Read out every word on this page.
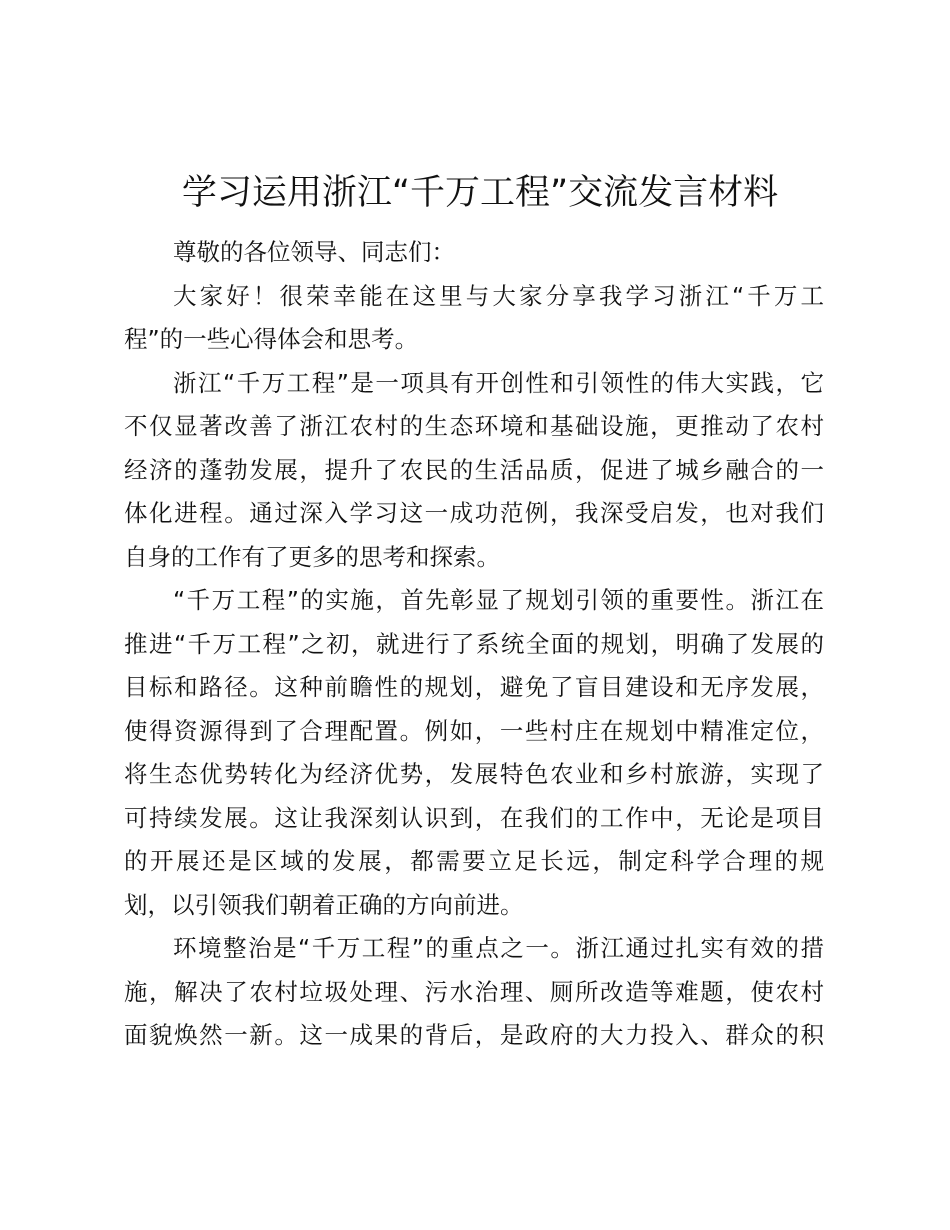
学习运用浙江“千万工程”交流发言材料
尊敬的各位领导、同志们：
大家好！很荣幸能在这里与大家分享我学习浙江“千万工
程”的一些心得体会和思考。
浙江“千万工程”是一项具有开创性和引领性的伟大实践，它
不仅显著改善了浙江农村的生态环境和基础设施，更推动了农村
经济的蓬勃发展，提升了农民的生活品质，促进了城乡融合的一
体化进程。通过深入学习这一成功范例，我深受启发，也对我们
自身的工作有了更多的思考和探索。
“千万工程”的实施，首先彰显了规划引领的重要性。浙江在
推进“千万工程”之初，就进行了系统全面的规划，明确了发展的
目标和路径。这种前瞻性的规划，避免了盲目建设和无序发展，
使得资源得到了合理配置。例如，一些村庄在规划中精准定位，
将生态优势转化为经济优势，发展特色农业和乡村旅游，实现了
可持续发展。这让我深刻认识到，在我们的工作中，无论是项目
的开展还是区域的发展，都需要立足长远，制定科学合理的规
划，以引领我们朝着正确的方向前进。
环境整治是“千万工程”的重点之一。浙江通过扎实有效的措
施，解决了农村垃圾处理、污水治理、厕所改造等难题，使农村
面貌焕然一新。这一成果的背后，是政府的大力投入、群众的积
